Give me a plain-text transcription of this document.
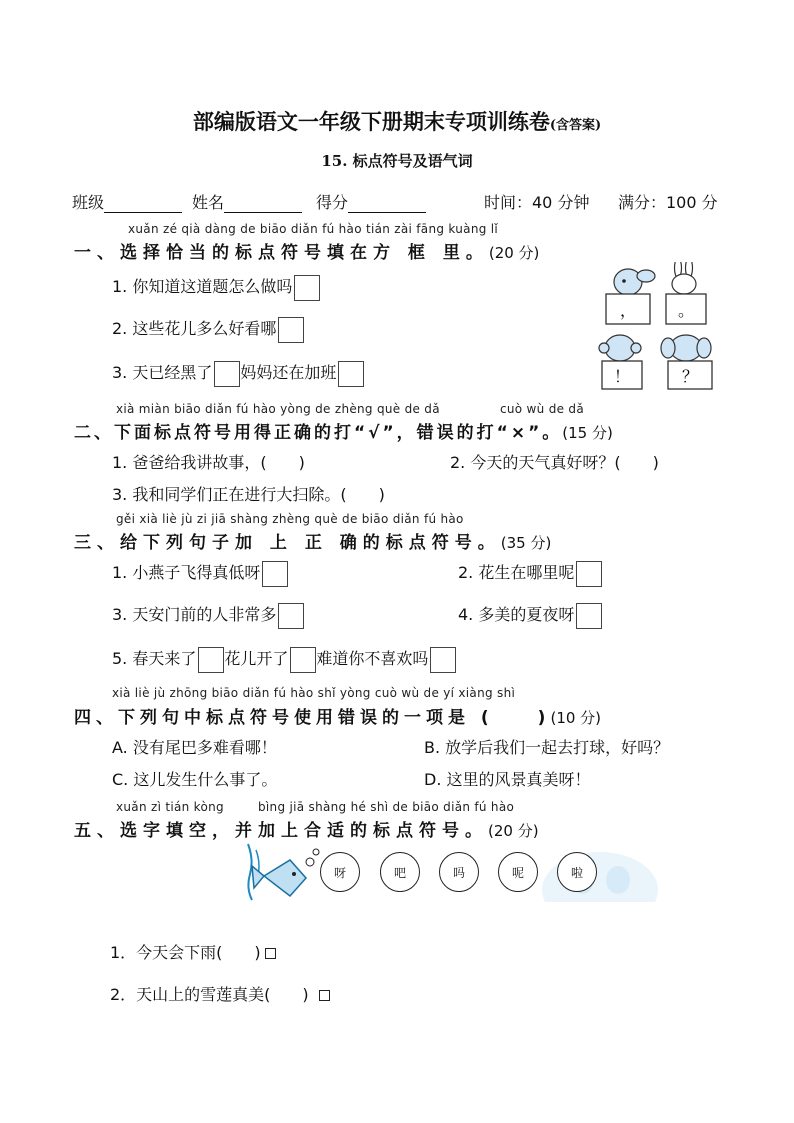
部编版语文一年级下册期末专项训练卷(含答案)
15. 标点符号及语气词
班级	姓名	得分	时间：40 分钟 满分：100 分
xuǎn zé qià dàng de biāo diǎn fú hào tián zài fāng kuàng lǐ
一、选择恰当的标点符号填在方 框 里。(20 分)
1. 你知道这道题怎么做吗
2. 这些花儿多么好看哪
3. 天已经黑了 妈妈还在加班
，	。
！	？
xià miàn biāo diǎn fú hào yòng de zhèng què de dǎ	cuò wù de dǎ
二、下面标点符号用得正确的打“√”，错误的打“×”。(15 分)
1. 爸爸给我讲故事，(　　)	2. 今天的天气真好呀？(　　)
3. 我和同学们正在进行大扫除。(　　)
gěi xià liè jù zi jiā shàng zhèng què de biāo diǎn fú hào
三、给下列句子加 上 正 确的标点符号。(35 分)
1. 小燕子飞得真低呀	2. 花生在哪里呢
3. 天安门前的人非常多	4. 多美的夏夜呀
5. 春天来了 花儿开了 难道你不喜欢吗
xià liè jù zhōng biāo diǎn fú hào shǐ yòng cuò wù de yí xiàng shì
四、下列句中标点符号使用错误的一项是 (　　)(10 分)
A. 没有尾巴多难看哪！	B. 放学后我们一起去打球，好吗？
C. 这儿发生什么事了。	D. 这里的风景真美呀！
xuǎn zì tián kòng	bìng jiā shàng hé shì de biāo diǎn fú hào
五、选字填空，并加上合适的标点符号。(20 分)
呀	吧	吗	呢	啦
1．今天会下雨(　　)
2．天山上的雪莲真美(　　)
